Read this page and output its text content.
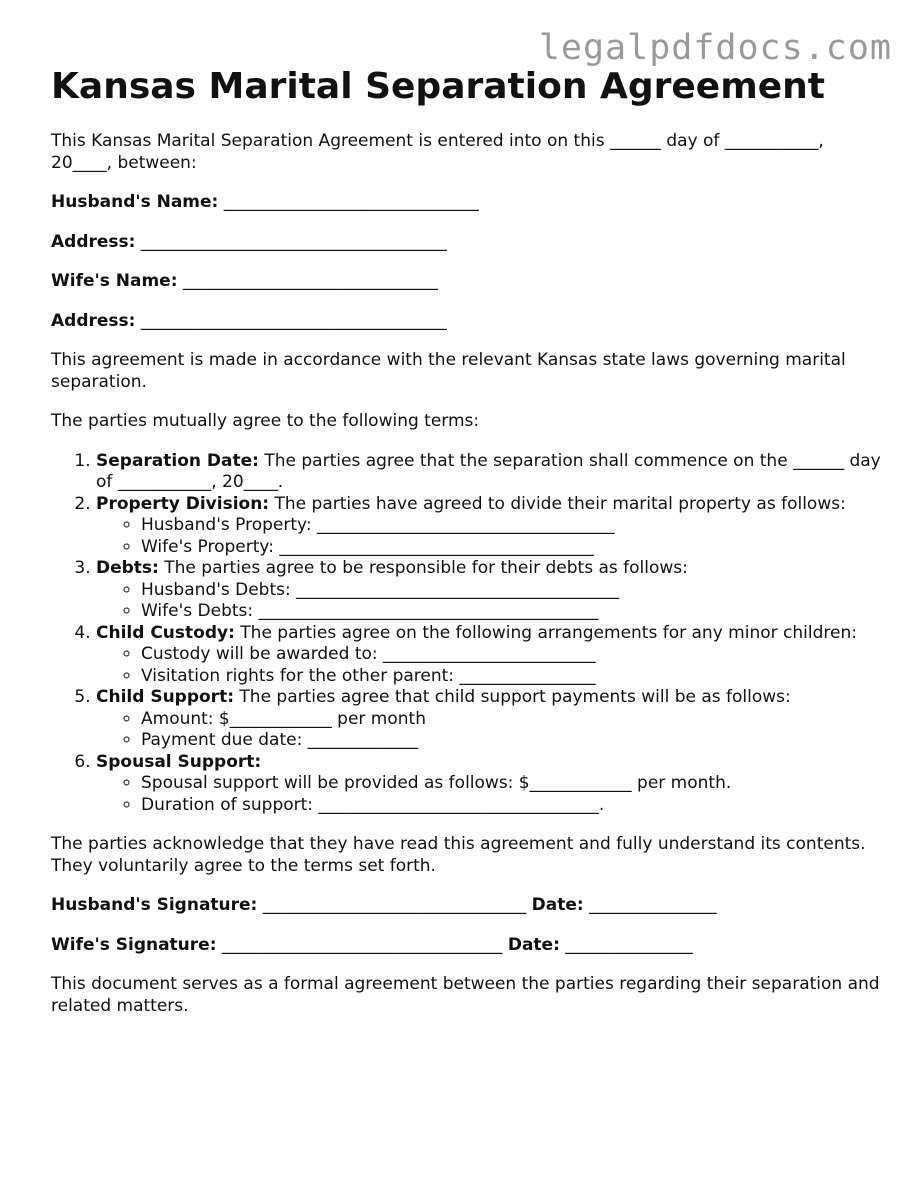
legalpdfdocs.com
Kansas Marital Separation Agreement

This Kansas Marital Separation Agreement is entered into on this ______ day of ___________, 20____, between:

Husband's Name: ______________________________

Address: ____________________________________

Wife's Name: ______________________________

Address: ____________________________________

This agreement is made in accordance with the relevant Kansas state laws governing marital separation.

The parties mutually agree to the following terms:

1. Separation Date: The parties agree that the separation shall commence on the ______ day of ___________, 20____.
2. Property Division: The parties have agreed to divide their marital property as follows:
◦ Husband's Property: ___________________________________
◦ Wife's Property: _____________________________________
3. Debts: The parties agree to be responsible for their debts as follows:
◦ Husband's Debts: ______________________________________
◦ Wife's Debts: ________________________________________
4. Child Custody: The parties agree on the following arrangements for any minor children:
◦ Custody will be awarded to: _________________________
◦ Visitation rights for the other parent: ________________
5. Child Support: The parties agree that child support payments will be as follows:
◦ Amount: $____________ per month
◦ Payment due date: _____________
6. Spousal Support:
◦ Spousal support will be provided as follows: $____________ per month.
◦ Duration of support: _________________________________.

The parties acknowledge that they have read this agreement and fully understand its contents. They voluntarily agree to the terms set forth.

Husband's Signature: _______________________________ Date: _______________

Wife's Signature: _________________________________ Date: _______________

This document serves as a formal agreement between the parties regarding their separation and related matters.
